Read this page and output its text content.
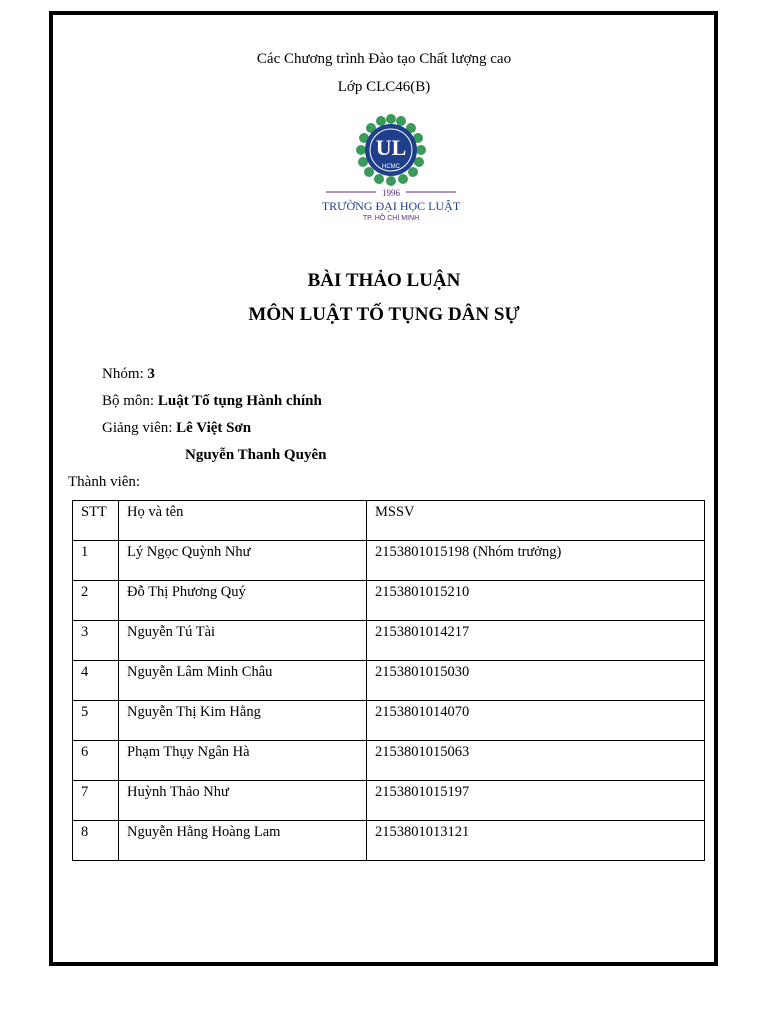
Các Chương trình Đào tạo Chất lượng cao
Lớp CLC46(B)
UL
HCMC
1996
TRƯỜNG ĐẠI HỌC LUẬT
TP. HỒ CHÍ MINH
BÀI THẢO LUẬN
MÔN LUẬT TỐ TỤNG DÂN SỰ
Nhóm: 3
Bộ môn: Luật Tố tụng Hành chính
Giảng viên: Lê Việt Sơn
Nguyễn Thanh Quyên
Thành viên:
STT	Họ và tên	MSSV
1	Lý Ngọc Quỳnh Như	2153801015198 (Nhóm trưởng)
2	Đỗ Thị Phương Quý	2153801015210
3	Nguyễn Tú Tài	2153801014217
4	Nguyễn Lâm Minh Châu	2153801015030
5	Nguyễn Thị Kim Hằng	2153801014070
6	Phạm Thụy Ngân Hà	2153801015063
7	Huỳnh Thảo Như	2153801015197
8	Nguyễn Hằng Hoàng Lam	2153801013121
